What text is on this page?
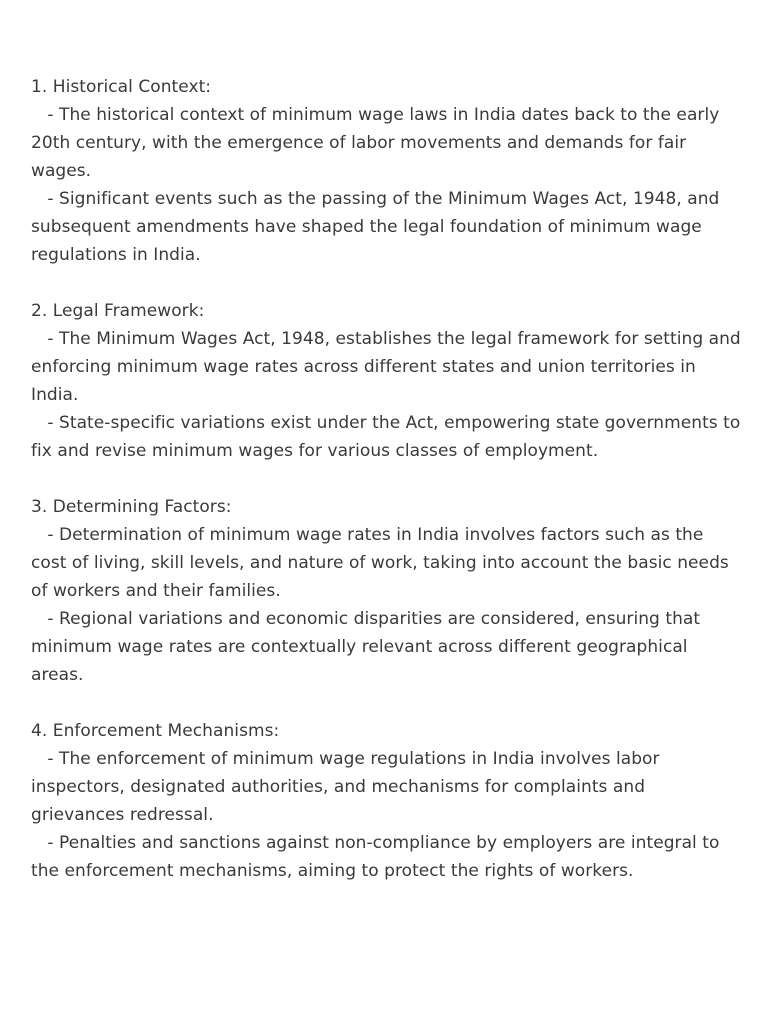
1. Historical Context:

- The historical context of minimum wage laws in India dates back to the early 20th century, with the emergence of labor movements and demands for fair wages.

- Significant events such as the passing of the Minimum Wages Act, 1948, and subsequent amendments have shaped the legal foundation of minimum wage regulations in India.

2. Legal Framework:

- The Minimum Wages Act, 1948, establishes the legal framework for setting and enforcing minimum wage rates across different states and union territories in India.

- State-specific variations exist under the Act, empowering state governments to fix and revise minimum wages for various classes of employment.

3. Determining Factors:

- Determination of minimum wage rates in India involves factors such as the cost of living, skill levels, and nature of work, taking into account the basic needs of workers and their families.

- Regional variations and economic disparities are considered, ensuring that minimum wage rates are contextually relevant across different geographical areas.

4. Enforcement Mechanisms:

- The enforcement of minimum wage regulations in India involves labor inspectors, designated authorities, and mechanisms for complaints and grievances redressal.

- Penalties and sanctions against non-compliance by employers are integral to the enforcement mechanisms, aiming to protect the rights of workers.
